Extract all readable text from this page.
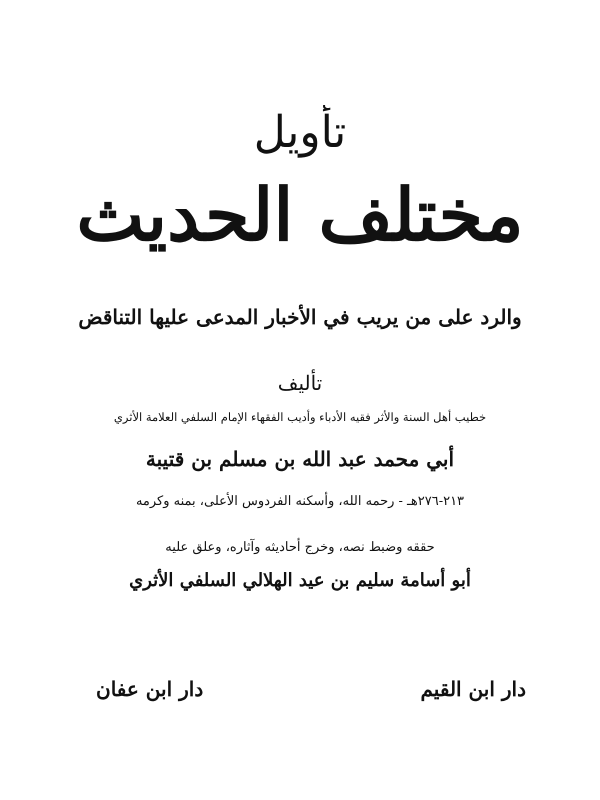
تأويل
مختلف الحديث
والرد على من يريب في الأخبار المدعى عليها التناقض
تأليف
خطيب أهل السنة والأثر فقيه الأدباء وأديب الفقهاء الإمام السلفي العلامة الأثري
أبي محمد عبد الله بن مسلم بن قتيبة
٢١٣-٢٧٦هـ - رحمه الله، وأسكنه الفردوس الأعلى، بمنه وكرمه
حققه وضبط نصه، وخرج أحاديثه وآثاره، وعلق عليه
أبو أسامة سليم بن عيد الهلالي السلفي الأثري
دار ابن القيم
دار ابن عفان
